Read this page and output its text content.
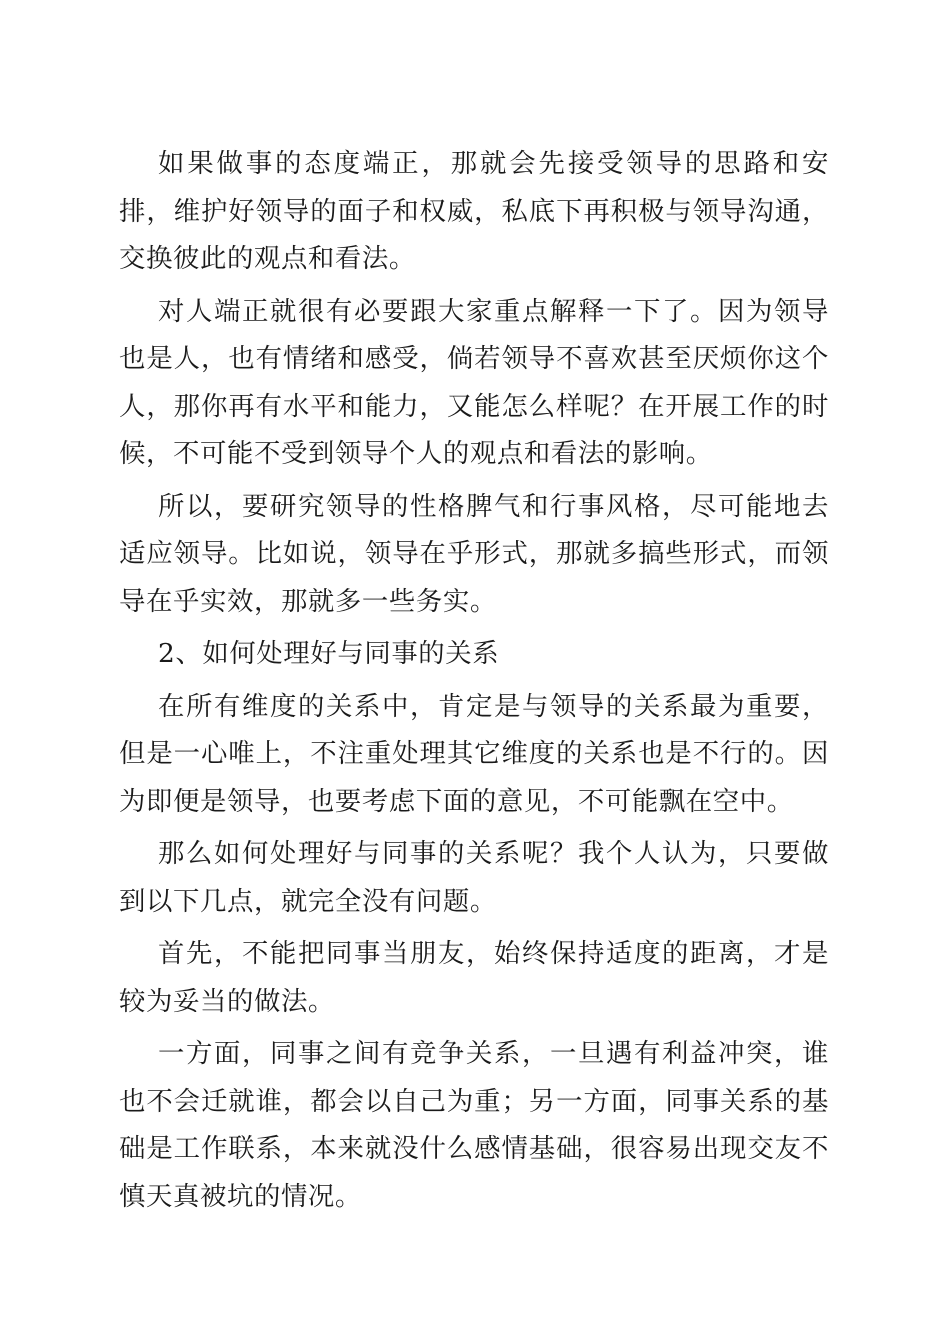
如果做事的态度端正，那就会先接受领导的思路和安排，维护好领导的面子和权威，私底下再积极与领导沟通，交换彼此的观点和看法。

对人端正就很有必要跟大家重点解释一下了。因为领导也是人，也有情绪和感受，倘若领导不喜欢甚至厌烦你这个人，那你再有水平和能力，又能怎么样呢？在开展工作的时候，不可能不受到领导个人的观点和看法的影响。

所以，要研究领导的性格脾气和行事风格，尽可能地去适应领导。比如说，领导在乎形式，那就多搞些形式，而领导在乎实效，那就多一些务实。

2、如何处理好与同事的关系

在所有维度的关系中，肯定是与领导的关系最为重要，但是一心唯上，不注重处理其它维度的关系也是不行的。因为即便是领导，也要考虑下面的意见，不可能飘在空中。

那么如何处理好与同事的关系呢？我个人认为，只要做到以下几点，就完全没有问题。

首先，不能把同事当朋友，始终保持适度的距离，才是较为妥当的做法。

一方面，同事之间有竞争关系，一旦遇有利益冲突，谁也不会迁就谁，都会以自己为重；另一方面，同事关系的基础是工作联系，本来就没什么感情基础，很容易出现交友不慎天真被坑的情况。
